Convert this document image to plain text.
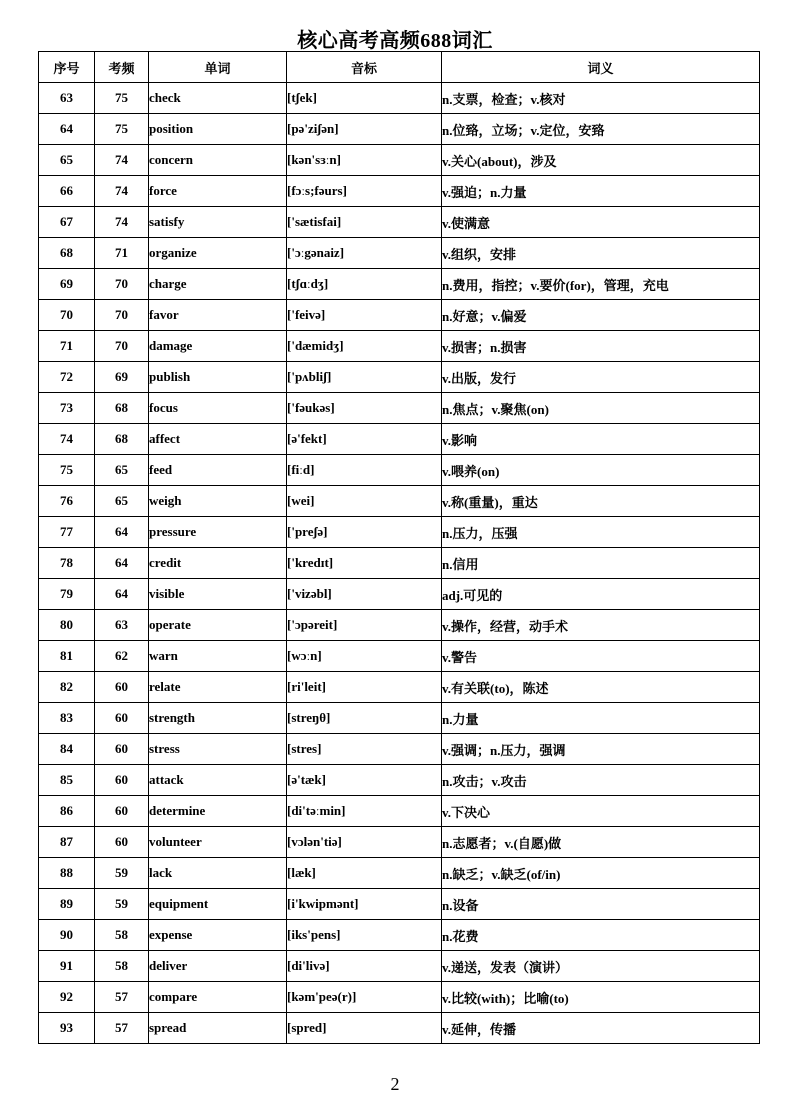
核心高考高频688词汇
序号	考频	单词	音标	词义
63	75	check	[tʃek]	n.支票，检查；v.核对
64	75	position	[pə'ziʃən]	n.位臵，立场；v.定位，安臵
65	74	concern	[kən'sɜːn]	v.关心(about)，涉及
66	74	force	[fɔːs;fəurs]	v.强迫；n.力量
67	74	satisfy	['sætisfai]	v.使满意
68	71	organize	['ɔːgənaiz]	v.组织，安排
69	70	charge	[tʃɑːdʒ]	n.费用，指控；v.要价(for)，管理，充电
70	70	favor	['feivə]	n.好意；v.偏爱
71	70	damage	['dæmidʒ]	v.损害；n.损害
72	69	publish	['pʌbliʃ]	v.出版，发行
73	68	focus	['fəukəs]	n.焦点；v.聚焦(on)
74	68	affect	[ə'fekt]	v.影响
75	65	feed	[fiːd]	v.喂养(on)
76	65	weigh	[wei]	v.称(重量)，重达
77	64	pressure	['preʃə]	n.压力，压强
78	64	credit	['kredɪt]	n.信用
79	64	visible	['vizəbl]	adj.可见的
80	63	operate	['ɔpəreit]	v.操作，经营，动手术
81	62	warn	[wɔːn]	v.警告
82	60	relate	[ri'leit]	v.有关联(to)，陈述
83	60	strength	[streŋθ]	n.力量
84	60	stress	[stres]	v.强调；n.压力，强调
85	60	attack	[ə'tæk]	n.攻击；v.攻击
86	60	determine	[di'təːmin]	v.下决心
87	60	volunteer	[vɔlən'tiə]	n.志愿者；v.(自愿)做
88	59	lack	[læk]	n.缺乏；v.缺乏(of/in)
89	59	equipment	[i'kwipmənt]	n.设备
90	58	expense	[iks'pens]	n.花费
91	58	deliver	[di'livə]	v.递送，发表（演讲）
92	57	compare	[kəm'peə(r)]	v.比较(with)；比喻(to)
93	57	spread	[spred]	v.延伸，传播
2
